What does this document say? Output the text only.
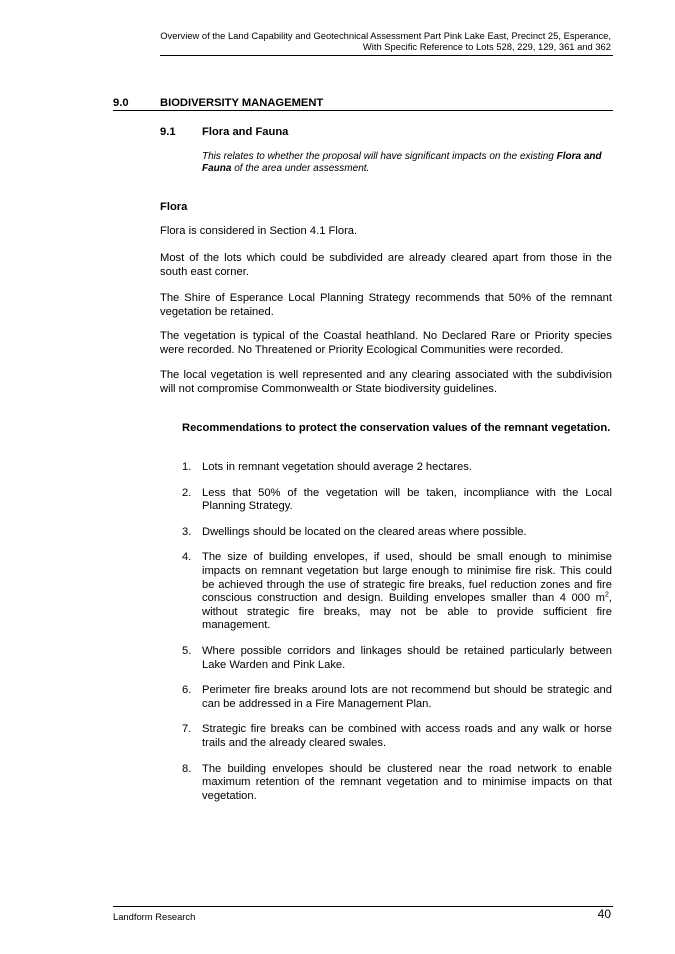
Overview of the Land Capability and Geotechnical Assessment Part Pink Lake East, Precinct 25, Esperance,
With Specific Reference to Lots 528, 229, 129, 361 and 362
9.0	BIODIVERSITY MANAGEMENT
9.1 Flora and Fauna
This relates to whether the proposal will have significant impacts on the existing Flora and Fauna of the area under assessment.
Flora

Flora is considered in Section 4.1 Flora.

Most of the lots which could be subdivided are already cleared apart from those in the south east corner.

The Shire of Esperance Local Planning Strategy recommends that 50% of the remnant vegetation be retained.

The vegetation is typical of the Coastal heathland. No Declared Rare or Priority species were recorded. No Threatened or Priority Ecological Communities were recorded.

The local vegetation is well represented and any clearing associated with the subdivision will not compromise Commonwealth or State biodiversity guidelines.

Recommendations to protect the conservation values of the remnant vegetation.
1. Lots in remnant vegetation should average 2 hectares.
2. Less that 50% of the vegetation will be taken, incompliance with the Local Planning Strategy.
3. Dwellings should be located on the cleared areas where possible.
4. The size of building envelopes, if used, should be small enough to minimise impacts on remnant vegetation but large enough to minimise fire risk. This could be achieved through the use of strategic fire breaks, fuel reduction zones and fire conscious construction and design. Building envelopes smaller than 4 000 $m^2$, without strategic fire breaks, may not be able to provide sufficient fire management.
5. Where possible corridors and linkages should be retained particularly between Lake Warden and Pink Lake.
6. Perimeter fire breaks around lots are not recommend but should be strategic and can be addressed in a Fire Management Plan.
7. Strategic fire breaks can be combined with access roads and any walk or horse trails and the already cleared swales.
8. The building envelopes should be clustered near the road network to enable maximum retention of the remnant vegetation and to minimise impacts on that vegetation.
Landform Research	40
